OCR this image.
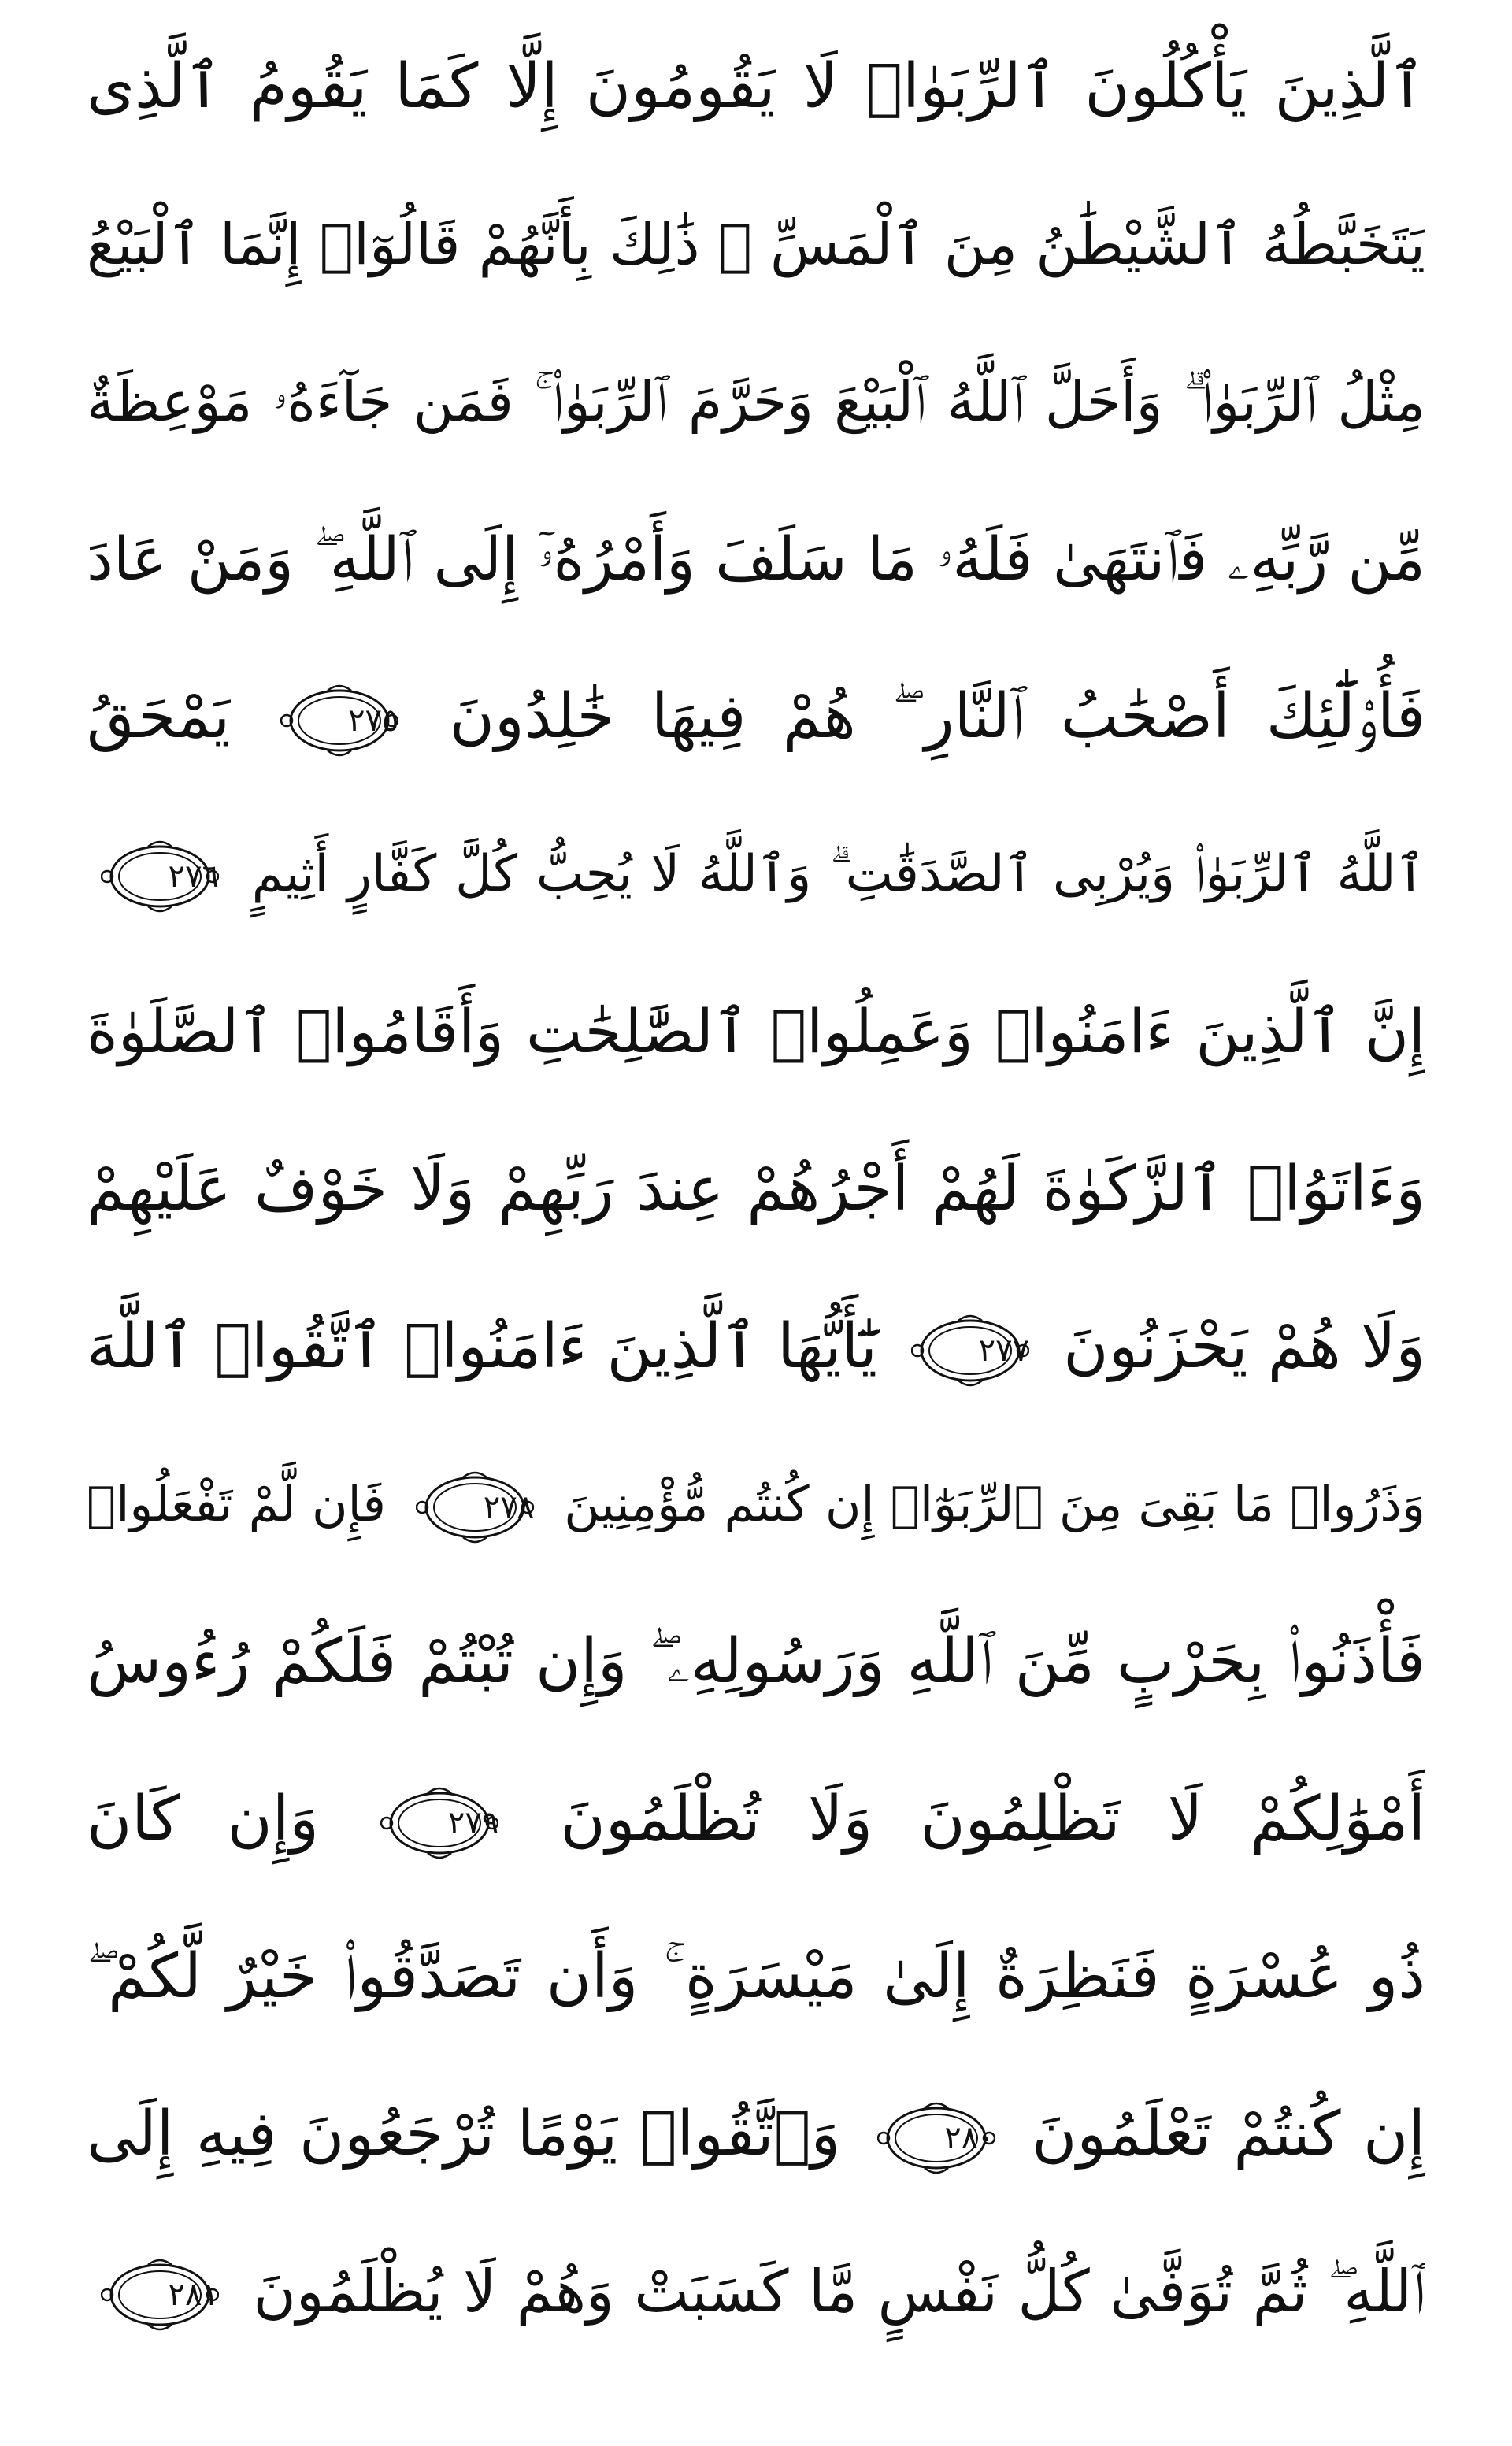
ٱلَّذِينَ يَأْكُلُونَ ٱلرِّبَوٰا۟ لَا يَقُومُونَ إِلَّا كَمَا يَقُومُ ٱلَّذِى
يَتَخَبَّطُهُ ٱلشَّيْطَٰنُ مِنَ ٱلْمَسِّ ۚ ذَٰلِكَ بِأَنَّهُمْ قَالُوٓا۟ إِنَّمَا ٱلْبَيْعُ
مِثْلُ ٱلرِّبَوٰا۟ ۗ وَأَحَلَّ ٱللَّهُ ٱلْبَيْعَ وَحَرَّمَ ٱلرِّبَوٰا۟ ۚ فَمَن جَآءَهُۥ مَوْعِظَةٌ
مِّن رَّبِّهِۦ فَٱنتَهَىٰ فَلَهُۥ مَا سَلَفَ وَأَمْرُهُۥٓ إِلَى ٱللَّهِ ۖ وَمَنْ عَادَ
فَأُو۟لَٰٓئِكَ أَصْحَٰبُ ٱلنَّارِ ۖ هُمْ فِيهَا خَٰلِدُونَ
٢٧٥
يَمْحَقُ
ٱللَّهُ ٱلرِّبَوٰا۟ وَيُرْبِى ٱلصَّدَقَٰتِ ۗ وَٱللَّهُ لَا يُحِبُّ كُلَّ كَفَّارٍ أَثِيمٍ
٢٧٦
إِنَّ ٱلَّذِينَ ءَامَنُوا۟ وَعَمِلُوا۟ ٱلصَّٰلِحَٰتِ وَأَقَامُوا۟ ٱلصَّلَوٰةَ
وَءَاتَوُا۟ ٱلزَّكَوٰةَ لَهُمْ أَجْرُهُمْ عِندَ رَبِّهِمْ وَلَا خَوْفٌ عَلَيْهِمْ
وَلَا هُمْ يَحْزَنُونَ
٢٧٧
يَٰٓأَيُّهَا ٱلَّذِينَ ءَامَنُوا۟ ٱتَّقُوا۟ ٱللَّهَ
وَذَرُوا۟ مَا بَقِىَ مِنَ ٱلرِّبَوٰٓا۟ إِن كُنتُم مُّؤْمِنِينَ
٢٧٨
فَإِن لَّمْ تَفْعَلُوا۟
فَأْذَنُوا۟ بِحَرْبٍ مِّنَ ٱللَّهِ وَرَسُولِهِۦ ۖ وَإِن تُبْتُمْ فَلَكُمْ رُءُوسُ
أَمْوَٰلِكُمْ لَا تَظْلِمُونَ وَلَا تُظْلَمُونَ
٢٧٩
وَإِن كَانَ
ذُو عُسْرَةٍ فَنَظِرَةٌ إِلَىٰ مَيْسَرَةٍ ۚ وَأَن تَصَدَّقُوا۟ خَيْرٌ لَّكُمْ ۖ
إِن كُنتُمْ تَعْلَمُونَ
٢٨٠
وَٱتَّقُوا۟ يَوْمًا تُرْجَعُونَ فِيهِ إِلَى
ٱللَّهِ ۖ ثُمَّ تُوَفَّىٰ كُلُّ نَفْسٍ مَّا كَسَبَتْ وَهُمْ لَا يُظْلَمُونَ
٢٨١
